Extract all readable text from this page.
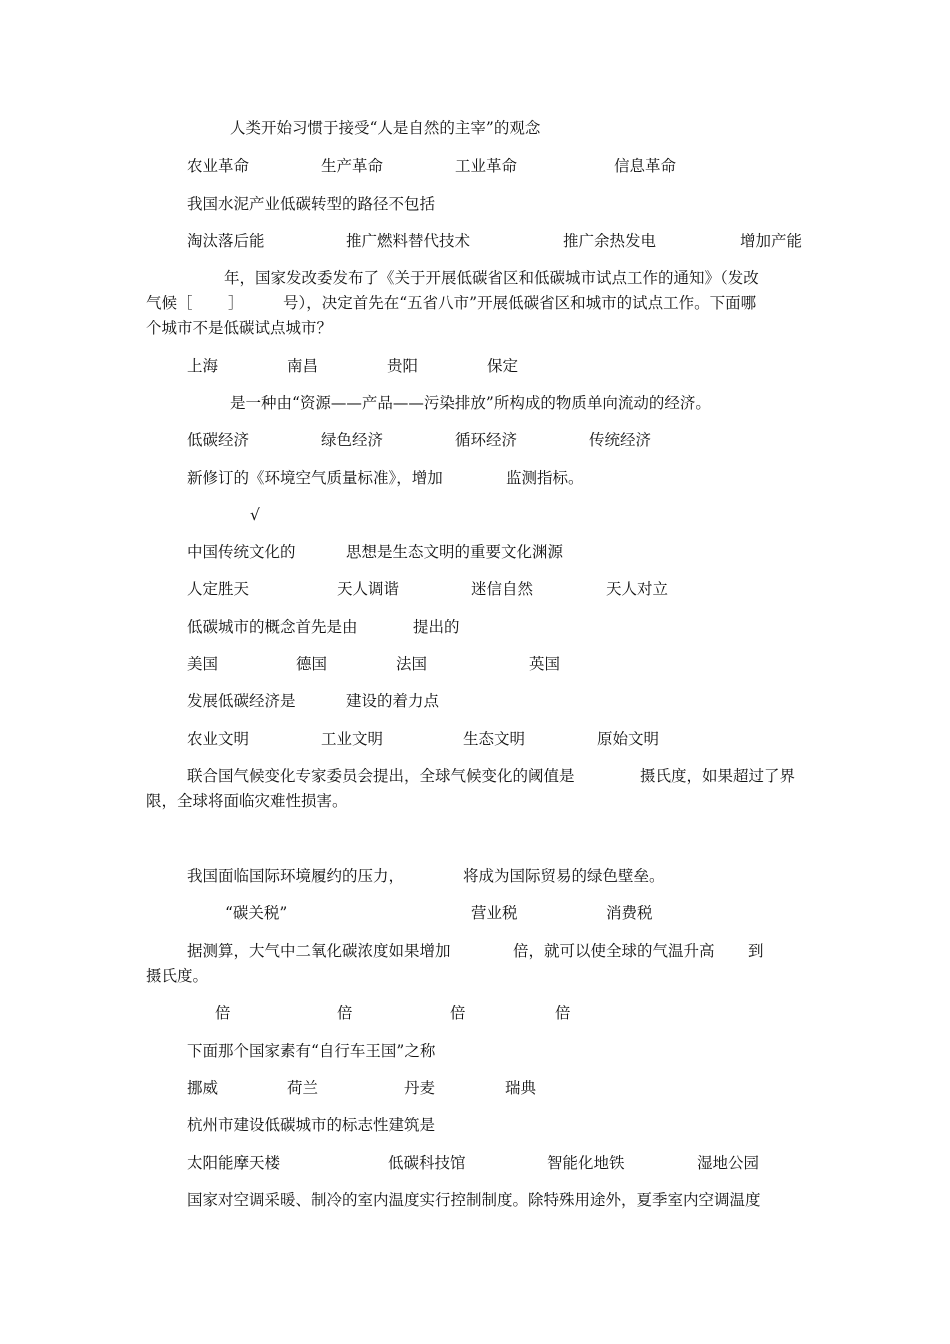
人类开始习惯于接受“人是自然的主宰”的观念
农业革命	生产革命	工业革命	信息革命
我国水泥产业低碳转型的路径不包括
淘汰落后能	推广燃料替代技术	推广余热发电	增加产能
年，国家发改委发布了《关于开展低碳省区和低碳城市试点工作的通知》（发改
气候［ ］	号），决定首先在“五省八市”开展低碳省区和城市的试点工作。下面哪
个城市不是低碳试点城市？
上海	南昌	贵阳	保定
是一种由“资源——产品——污染排放”所构成的物质单向流动的经济。
低碳经济	绿色经济	循环经济	传统经济
新修订的《环境空气质量标准》，增加	监测指标。
√
中国传统文化的	思想是生态文明的重要文化渊源
人定胜天	天人调谐	迷信自然	天人对立
低碳城市的概念首先是由	提出的
美国	德国	法国	英国
发展低碳经济是	建设的着力点
农业文明	工业文明	生态文明	原始文明
联合国气候变化专家委员会提出，全球气候变化的阈值是	摄氏度，如果超过了界
限，全球将面临灾难性损害。
我国面临国际环境履约的压力，	将成为国际贸易的绿色壁垒。
“碳关税”	营业税	消费税
据测算，大气中二氧化碳浓度如果增加	倍，就可以使全球的气温升高 到
摄氏度。
倍	倍	倍	倍
下面那个国家素有“自行车王国”之称
挪威	荷兰	丹麦	瑞典
杭州市建设低碳城市的标志性建筑是
太阳能摩天楼	低碳科技馆	智能化地铁	湿地公园
国家对空调采暖、制冷的室内温度实行控制制度。除特殊用途外，夏季室内空调温度
